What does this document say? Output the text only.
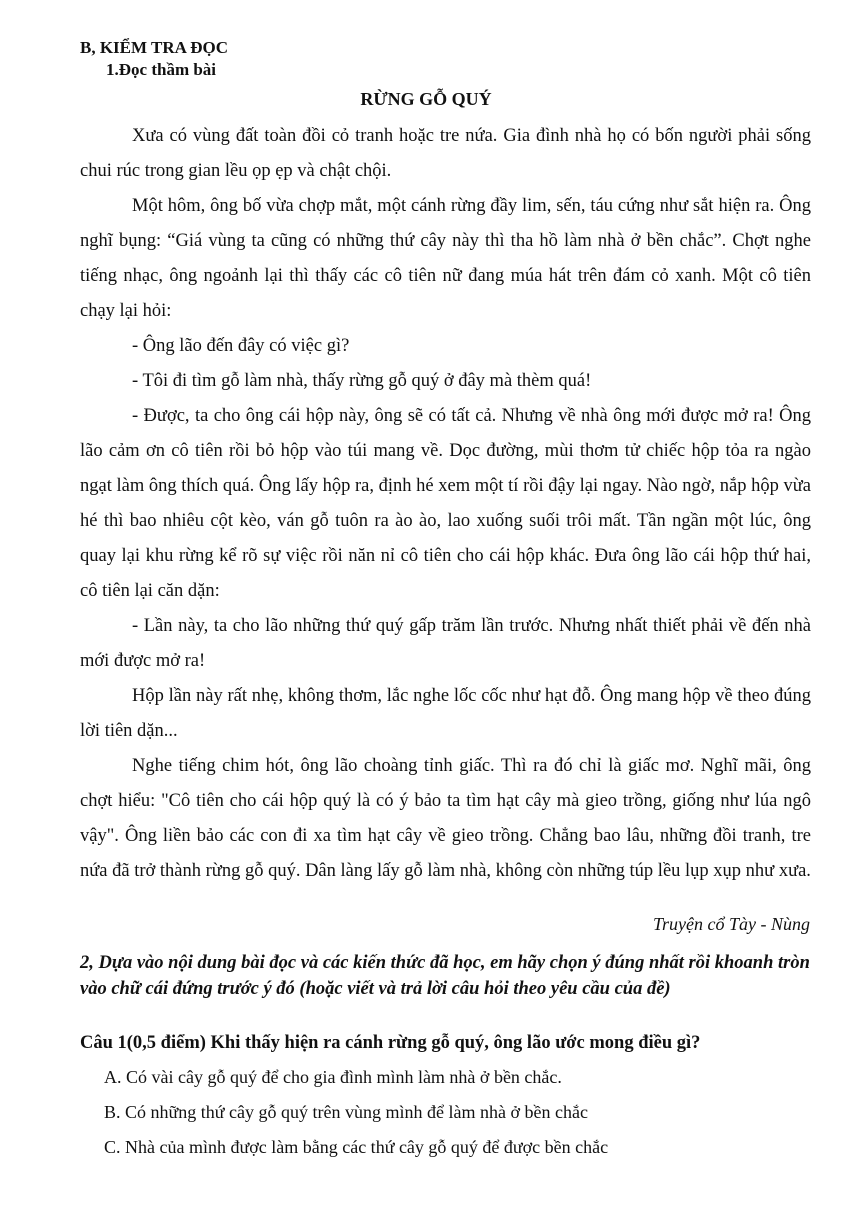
B, KIỂM TRA ĐỌC
1.Đọc thầm bài
RỪNG GỖ QUÝ

Xưa có vùng đất toàn đồi cỏ tranh hoặc tre nứa. Gia đình nhà họ có bốn người phải sống chui rúc trong gian lều ọp ẹp và chật chội.

Một hôm, ông bố vừa chợp mắt, một cánh rừng đầy lim, sến, táu cứng như sắt hiện ra. Ông nghĩ bụng: “Giá vùng ta cũng có những thứ cây này thì tha hồ làm nhà ở bền chắc”. Chợt nghe tiếng nhạc, ông ngoảnh lại thì thấy các cô tiên nữ đang múa hát trên đám cỏ xanh. Một cô tiên chạy lại hỏi:

- Ông lão đến đây có việc gì?

- Tôi đi tìm gỗ làm nhà, thấy rừng gỗ quý ở đây mà thèm quá!

- Được, ta cho ông cái hộp này, ông sẽ có tất cả. Nhưng về nhà ông mới được mở ra! Ông lão cảm ơn cô tiên rồi bỏ hộp vào túi mang về. Dọc đường, mùi thơm tử chiếc hộp tỏa ra ngào ngạt làm ông thích quá. Ông lấy hộp ra, định hé xem một tí rồi đậy lại ngay. Nào ngờ, nắp hộp vừa hé thì bao nhiêu cột kèo, ván gỗ tuôn ra ào ào, lao xuống suối trôi mất. Tần ngần một lúc, ông quay lại khu rừng kể rõ sự việc rồi năn nỉ cô tiên cho cái hộp khác. Đưa ông lão cái hộp thứ hai, cô tiên lại căn dặn:

- Lần này, ta cho lão những thứ quý gấp trăm lần trước. Nhưng nhất thiết phải về đến nhà mới được mở ra!

Hộp lần này rất nhẹ, không thơm, lắc nghe lốc cốc như hạt đỗ. Ông mang hộp về theo đúng lời tiên dặn...

Nghe tiếng chim hót, ông lão choàng tỉnh giấc. Thì ra đó chỉ là giấc mơ. Nghĩ mãi, ông chợt hiểu: "Cô tiên cho cái hộp quý là có ý bảo ta tìm hạt cây mà gieo trồng, giống như lúa ngô vậy". Ông liền bảo các con đi xa tìm hạt cây về gieo trồng. Chẳng bao lâu, những đồi tranh, tre nứa đã trở thành rừng gỗ quý. Dân làng lấy gỗ làm nhà, không còn những túp lều lụp xụp như xưa.

Truyện cổ Tày - Nùng
2, Dựa vào nội dung bài đọc và các kiến thức đã học, em hãy chọn ý đúng nhất rồi khoanh tròn vào chữ cái đứng trước ý đó (hoặc viết và trả lời câu hỏi theo yêu cầu của đề)
Câu 1(0,5 điểm) Khi thấy hiện ra cánh rừng gỗ quý, ông lão ước mong điều gì?
A. Có vài cây gỗ quý để cho gia đình mình làm nhà ở bền chắc.
B. Có những thứ cây gỗ quý trên vùng mình để làm nhà ở bền chắc
C. Nhà của mình được làm bằng các thứ cây gỗ quý để được bền chắc
